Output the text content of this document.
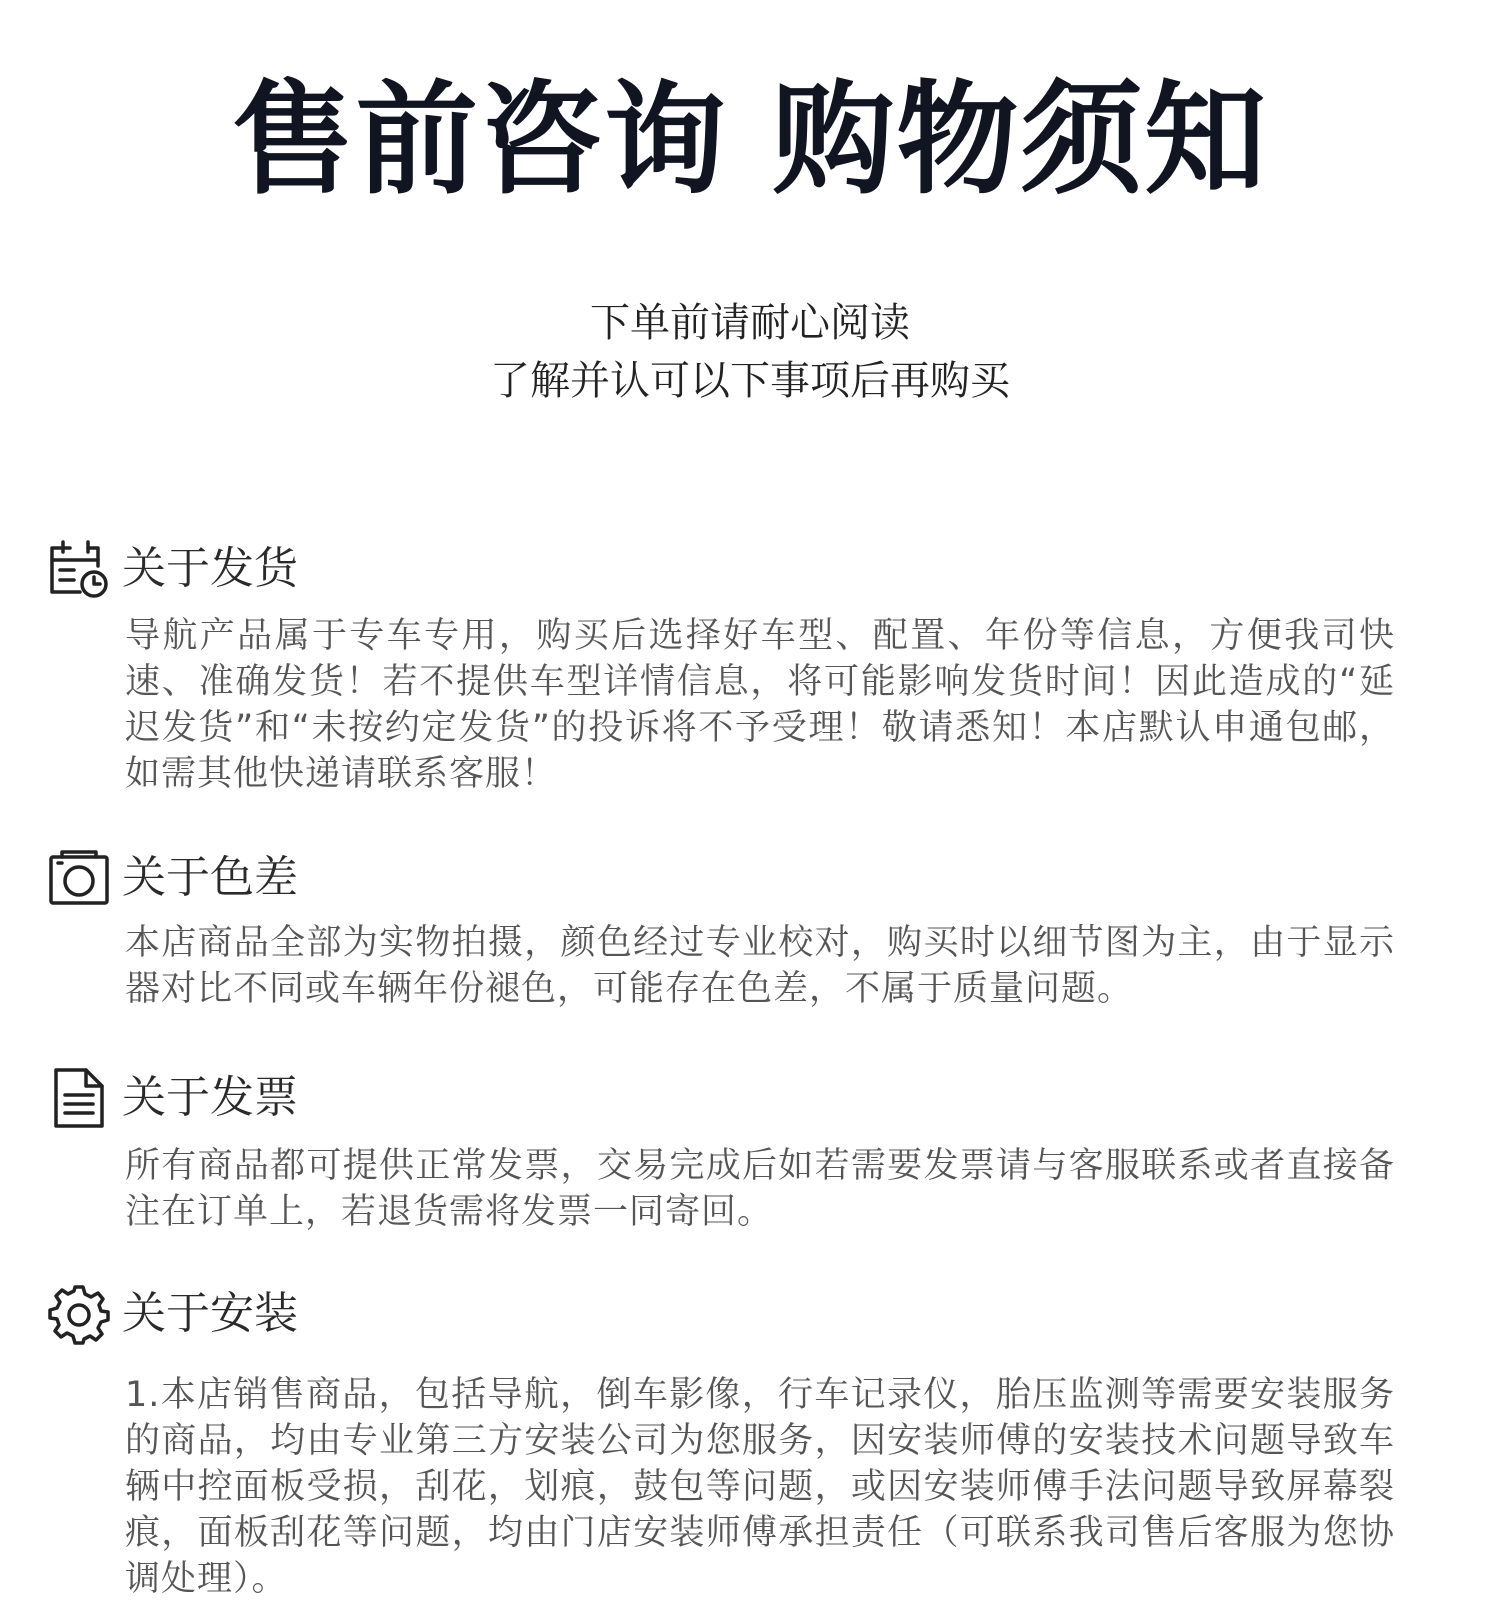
售前咨询 购物须知
下单前请耐心阅读
了解并认可以下事项后再购买
关于发货
导航产品属于专车专用，购买后选择好车型、配置、年份等信息，方便我司快速、准确发货！若不提供车型详情信息，将可能影响发货时间！因此造成的“延迟发货”和“未按约定发货”的投诉将不予受理！敬请悉知！本店默认申通包邮，如需其他快递请联系客服！
关于色差
本店商品全部为实物拍摄，颜色经过专业校对，购买时以细节图为主，由于显示器对比不同或车辆年份褪色，可能存在色差，不属于质量问题。
关于发票
所有商品都可提供正常发票，交易完成后如若需要发票请与客服联系或者直接备注在订单上，若退货需将发票一同寄回。
关于安装
1.本店销售商品，包括导航，倒车影像，行车记录仪，胎压监测等需要安装服务的商品，均由专业第三方安装公司为您服务，因安装师傅的安装技术问题导致车辆中控面板受损，刮花，划痕，鼓包等问题，或因安装师傅手法问题导致屏幕裂痕，面板刮花等问题，均由门店安装师傅承担责任（可联系我司售后客服为您协调处理）。
